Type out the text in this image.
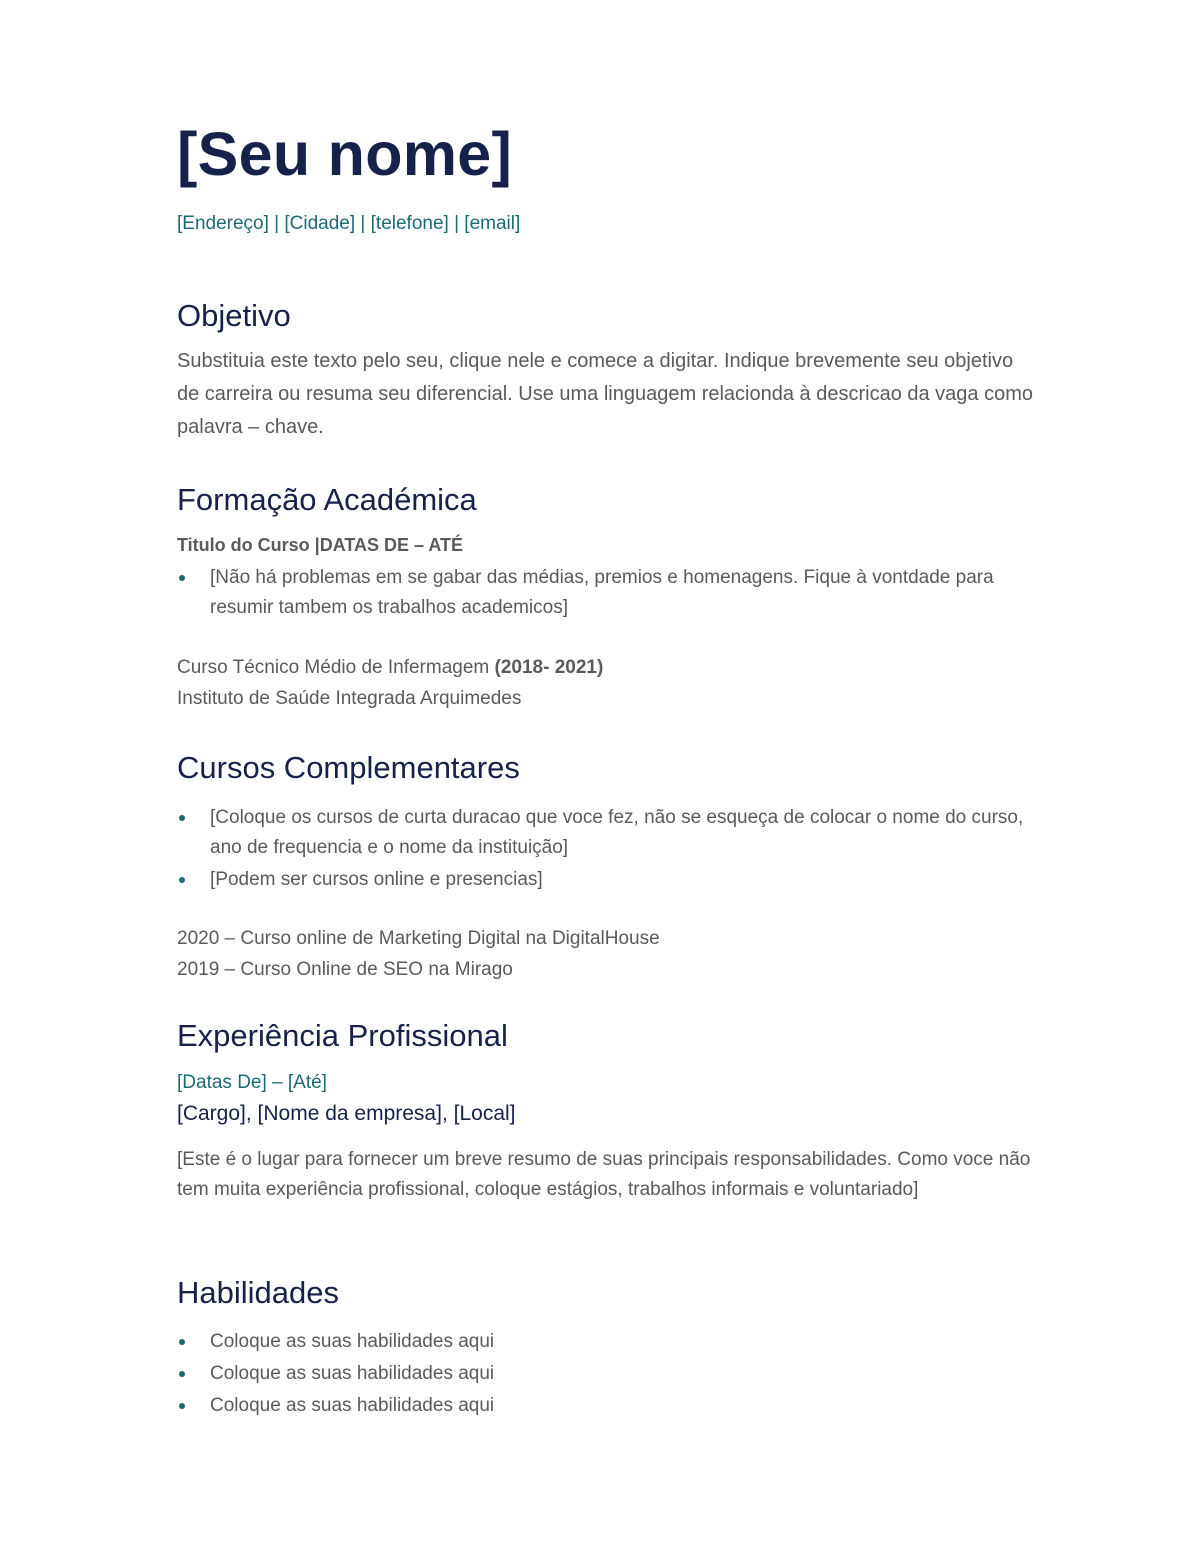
[Seu nome]
[Endereço] | [Cidade] | [telefone] | [email]
Objetivo

Substituia este texto pelo seu, clique nele e comece a digitar. Indique brevemente seu objetivo de carreira ou resuma seu diferencial. Use uma linguagem relacionda à descricao da vaga como palavra – chave.

Formação Académica

Titulo do Curso |DATAS DE – ATÉ

[Não há problemas em se gabar das médias, premios e homenagens. Fique à vontdade para resumir tambem os trabalhos academicos]

Curso Técnico Médio de Infermagem (2018- 2021)

Instituto de Saúde Integrada Arquimedes

Cursos Complementares
[Coloque os cursos de curta duracao que voce fez, não se esqueça de colocar o nome do curso, ano de frequencia e o nome da instituição]
[Podem ser cursos online e presencias]

2020 – Curso online de Marketing Digital na DigitalHouse

2019 – Curso Online de SEO na Mirago

Experiência Profissional

[Datas De] – [Até]

[Cargo], [Nome da empresa], [Local]

[Este é o lugar para fornecer um breve resumo de suas principais responsabilidades. Como voce não tem muita experiência profissional, coloque estágios, trabalhos informais e voluntariado]

Habilidades
Coloque as suas habilidades aqui
Coloque as suas habilidades aqui
Coloque as suas habilidades aqui
